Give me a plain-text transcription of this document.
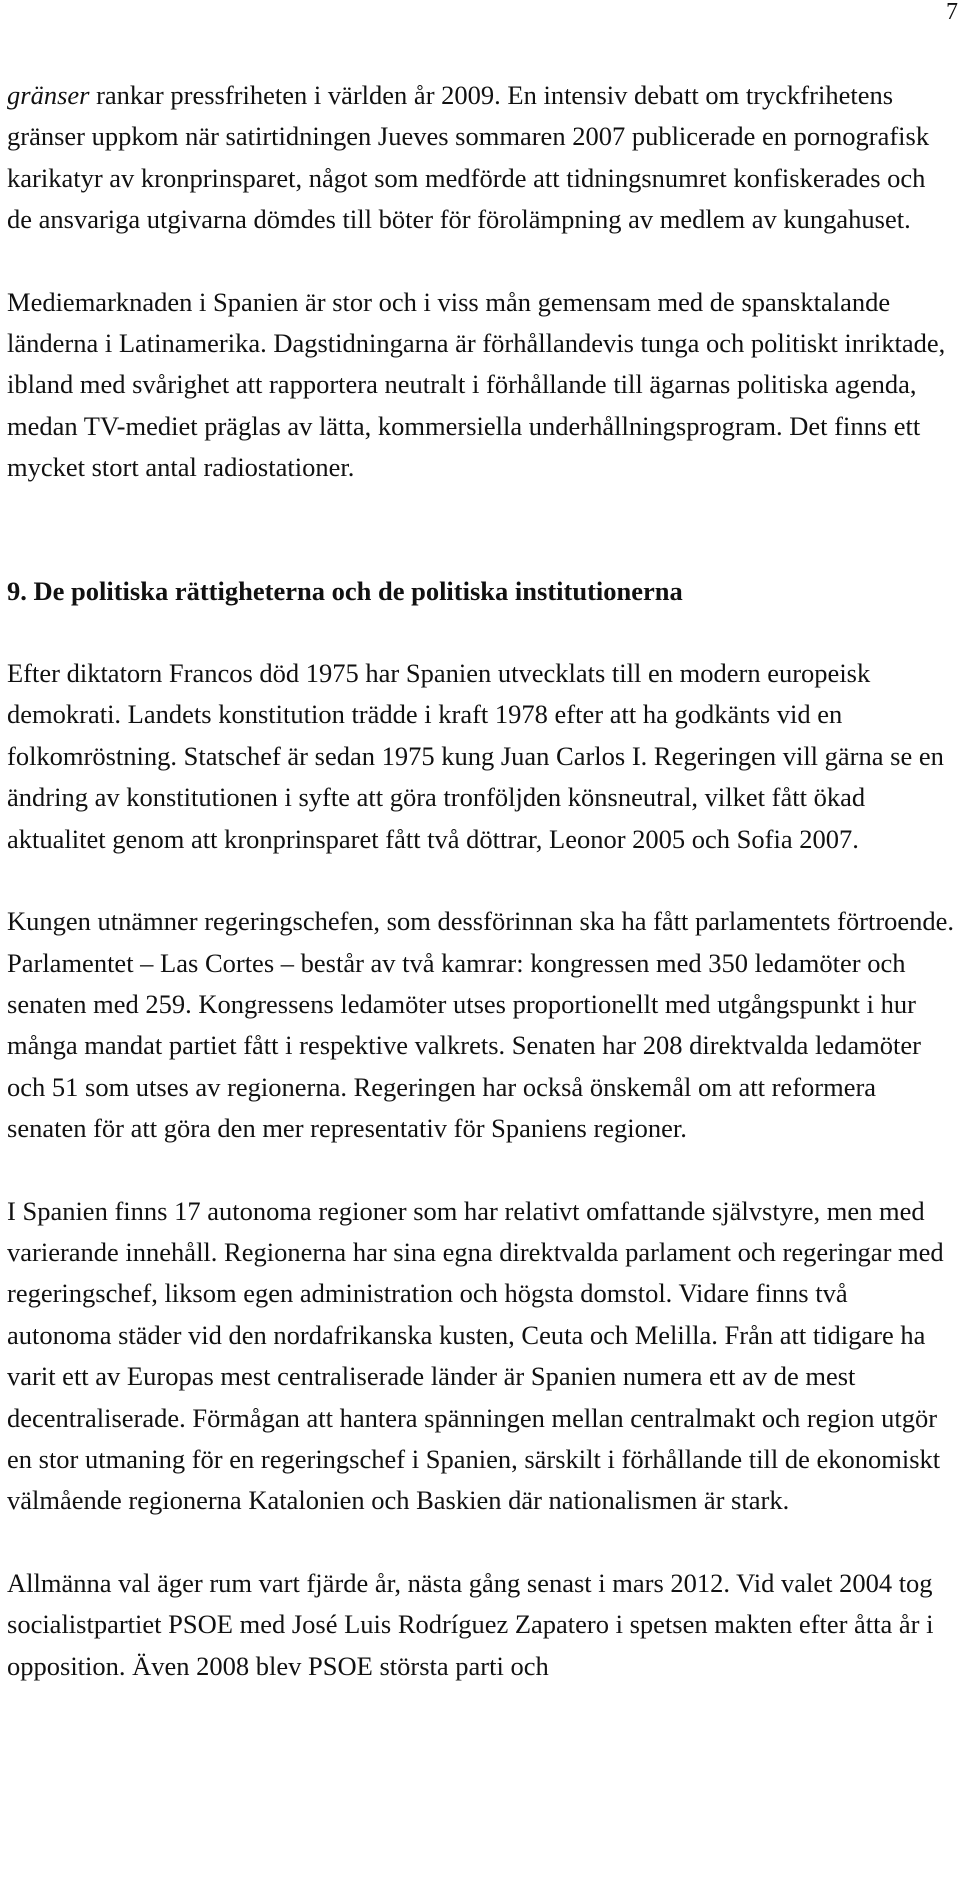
7

gränser rankar pressfriheten i världen år 2009. En intensiv debatt om tryckfrihetens gränser uppkom när satirtidningen Jueves sommaren 2007 publicerade en pornografisk karikatyr av kronprinsparet, något som medförde att tidningsnumret konfiskerades och de ansvariga utgivarna dömdes till böter för förolämpning av medlem av kungahuset.

Mediemarknaden i Spanien är stor och i viss mån gemensam med de spansktalande länderna i Latinamerika. Dagstidningarna är förhållandevis tunga och politiskt inriktade, ibland med svårighet att rapportera neutralt i förhållande till ägarnas politiska agenda, medan TV-mediet präglas av lätta, kommersiella underhållningsprogram. Det finns ett mycket stort antal radiostationer.

9. De politiska rättigheterna och de politiska institutionerna

Efter diktatorn Francos död 1975 har Spanien utvecklats till en modern europeisk demokrati. Landets konstitution trädde i kraft 1978 efter att ha godkänts vid en folkomröstning. Statschef är sedan 1975 kung Juan Carlos I. Regeringen vill gärna se en ändring av konstitutionen i syfte att göra tronföljden könsneutral, vilket fått ökad aktualitet genom att kronprinsparet fått två döttrar, Leonor 2005 och Sofia 2007.

Kungen utnämner regeringschefen, som dessförinnan ska ha fått parlamentets förtroende. Parlamentet – Las Cortes – består av två kamrar: kongressen med 350 ledamöter och senaten med 259. Kongressens ledamöter utses proportionellt med utgångspunkt i hur många mandat partiet fått i respektive valkrets. Senaten har 208 direktvalda ledamöter och 51 som utses av regionerna. Regeringen har också önskemål om att reformera senaten för att göra den mer representativ för Spaniens regioner.

I Spanien finns 17 autonoma regioner som har relativt omfattande självstyre, men med varierande innehåll. Regionerna har sina egna direktvalda parlament och regeringar med regeringschef, liksom egen administration och högsta domstol. Vidare finns två autonoma städer vid den nordafrikanska kusten, Ceuta och Melilla. Från att tidigare ha varit ett av Europas mest centraliserade länder är Spanien numera ett av de mest decentraliserade. Förmågan att hantera spänningen mellan centralmakt och region utgör en stor utmaning för en regeringschef i Spanien, särskilt i förhållande till de ekonomiskt välmående regionerna Katalonien och Baskien där nationalismen är stark.

Allmänna val äger rum vart fjärde år, nästa gång senast i mars 2012. Vid valet 2004 tog socialistpartiet PSOE med José Luis Rodríguez Zapatero i spetsen makten efter åtta år i opposition. Även 2008 blev PSOE största parti och
